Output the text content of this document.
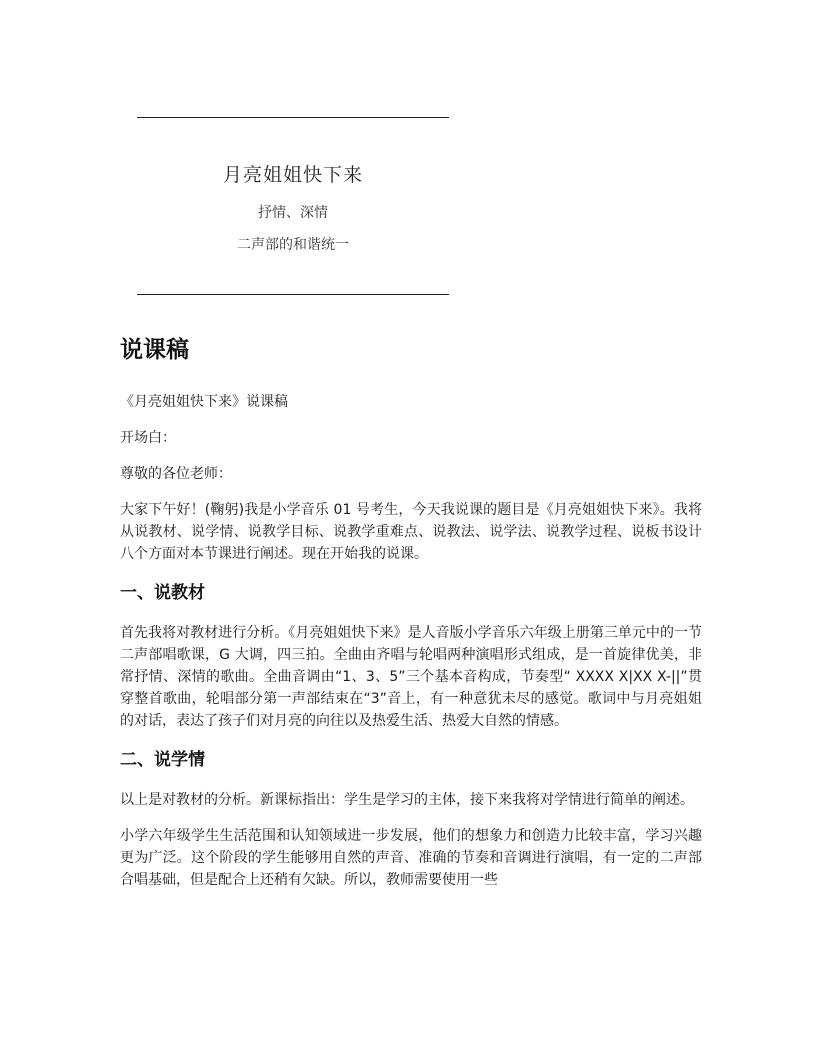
月亮姐姐快下来
抒情、深情
二声部的和谐统一
说课稿

《月亮姐姐快下来》说课稿

开场白：

尊敬的各位老师：

大家下午好！(鞠躬)我是小学音乐 01 号考生，今天我说课的题目是《月亮姐姐快下来》。我将从说教材、说学情、说教学目标、说教学重难点、说教法、说学法、说教学过程、说板书设计八个方面对本节课进行阐述。现在开始我的说课。

一、说教材

首先我将对教材进行分析。《月亮姐姐快下来》是人音版小学音乐六年级上册第三单元中的一节二声部唱歌课，G 大调，四三拍。全曲由齐唱与轮唱两种演唱形式组成，是一首旋律优美，非常抒情、深情的歌曲。全曲音调由“1、3、5”三个基本音构成，节奏型“ XXXX X|XX X-||”贯穿整首歌曲，轮唱部分第一声部结束在“3”音上，有一种意犹未尽的感觉。歌词中与月亮姐姐的对话，表达了孩子们对月亮的向往以及热爱生活、热爱大自然的情感。

二、说学情

以上是对教材的分析。新课标指出：学生是学习的主体，接下来我将对学情进行简单的阐述。

小学六年级学生生活范围和认知领域进一步发展，他们的想象力和创造力比较丰富，学习兴趣更为广泛。这个阶段的学生能够用自然的声音、准确的节奏和音调进行演唱，有一定的二声部合唱基础，但是配合上还稍有欠缺。所以，教师需要使用一些
